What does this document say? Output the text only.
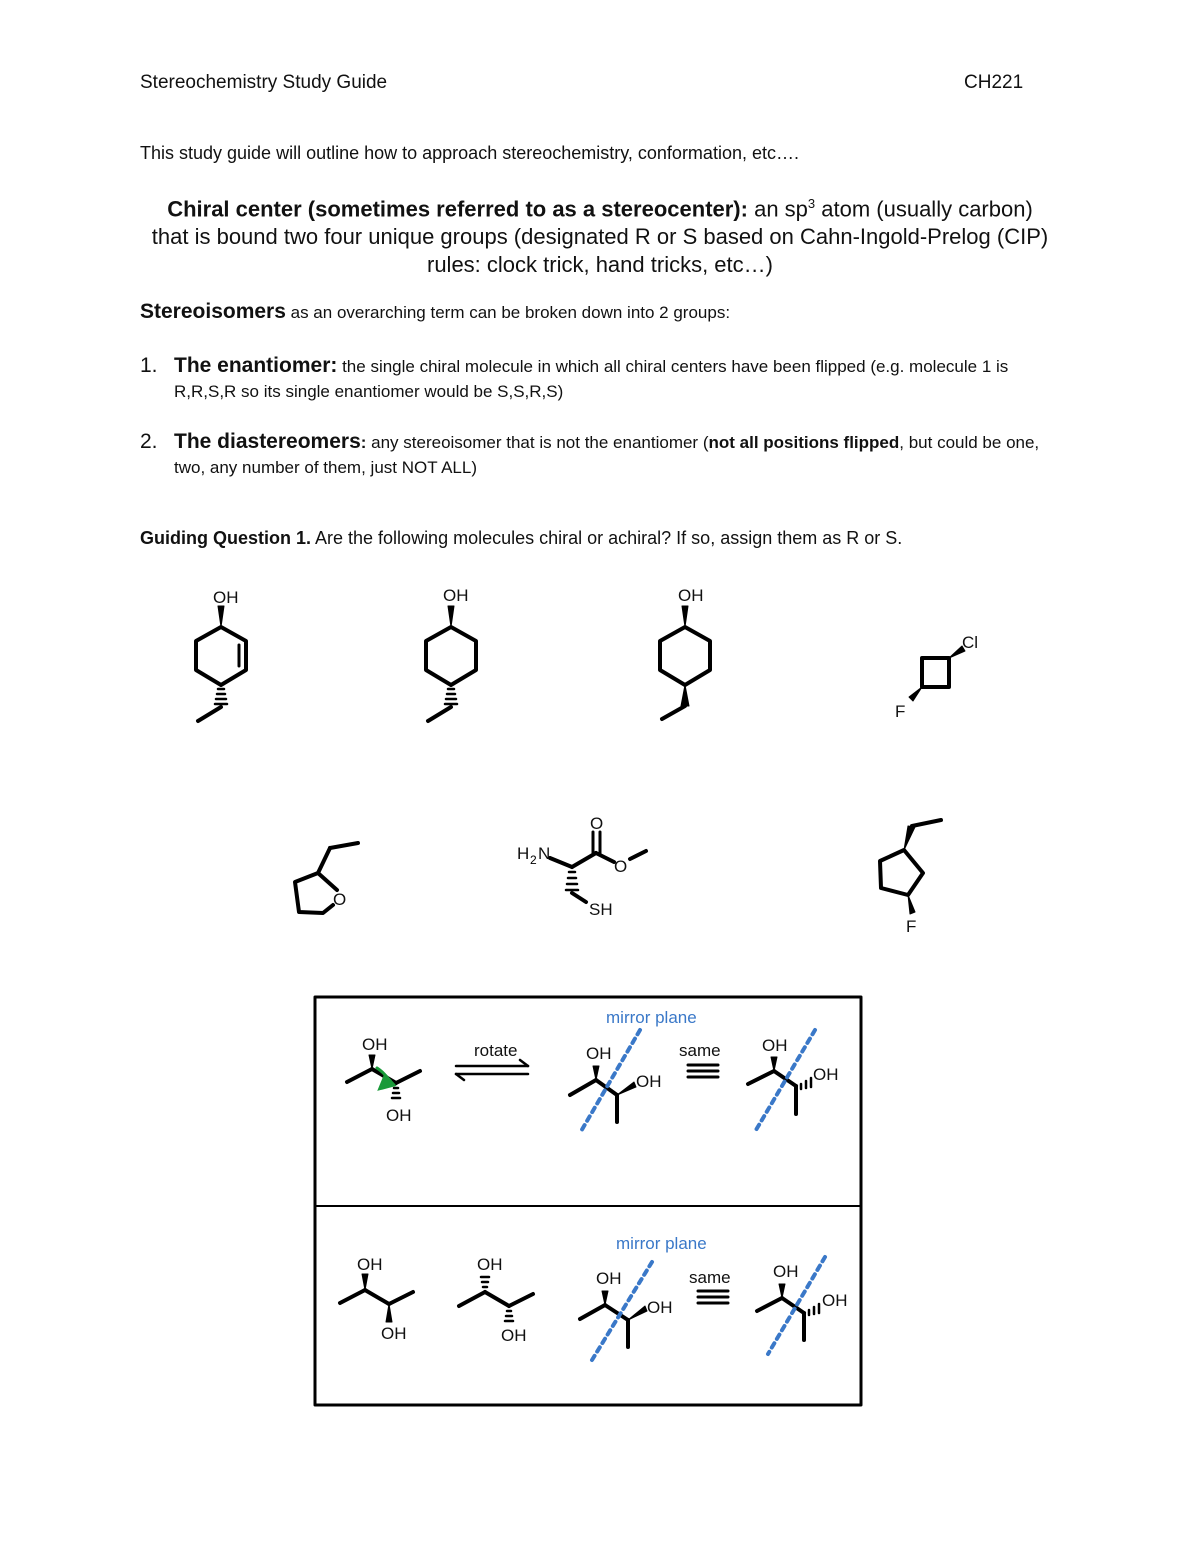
Stereochemistry Study Guide	CH221
This study guide will outline how to approach stereochemistry, conformation, etc….
Chiral center (sometimes referred to as a stereocenter): an $sp^3$ atom (usually carbon) that is bound two four unique groups (designated R or S based on Cahn-Ingold-Prelog (CIP) rules: clock trick, hand tricks, etc…)
Stereoisomers as an overarching term can be broken down into 2 groups:
1. The enantiomer: the single chiral molecule in which all chiral centers have been flipped (e.g. molecule 1 is R,R,S,R so its single enantiomer would be S,S,R,S)
2. The diastereomers: any stereoisomer that is not the enantiomer (not all positions flipped, but could be one, two, any number of them, just NOT ALL)
Guiding Question 1. Are the following molecules chiral or achiral? If so, assign them as R or S.
OH	OH	OH
Cl
F
O
H 2 N
O
O
SH
F
mirror plane
OH
OH
rotate	OH
OH
same OH
OH
mirror plane
OH
OH
OH
OH
OH
OH
same OH
OH
